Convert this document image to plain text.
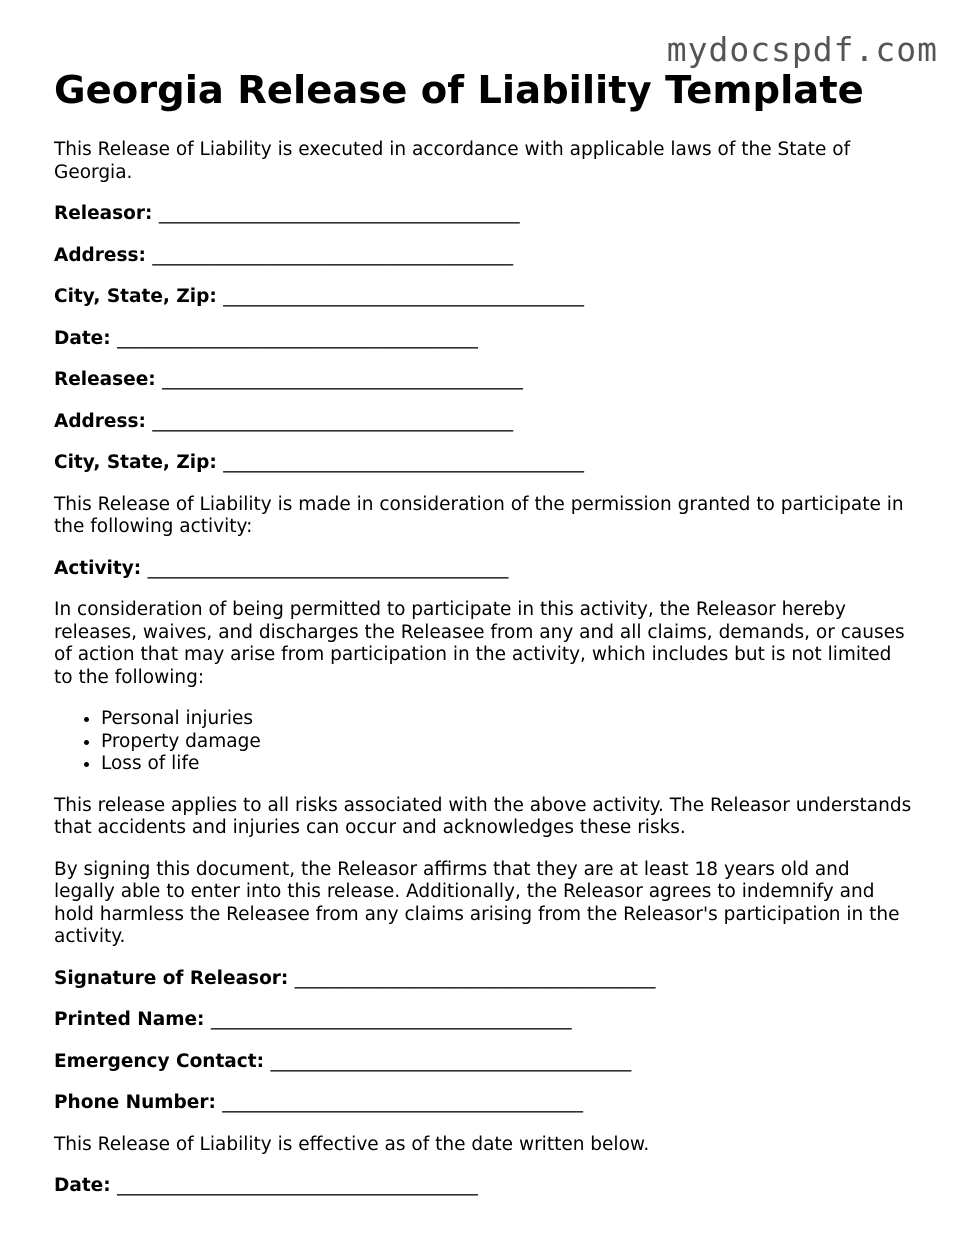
mydocspdf.com
Georgia Release of Liability Template

This Release of Liability is executed in accordance with applicable laws of the State of Georgia.

Releasor: _______________________________________
Address: _______________________________________
City, State, Zip: _______________________________________
Date: _______________________________________
Releasee: _______________________________________
Address: _______________________________________
City, State, Zip: _______________________________________

This Release of Liability is made in consideration of the permission granted to participate in the following activity:

Activity: _______________________________________

In consideration of being permitted to participate in this activity, the Releasor hereby releases, waives, and discharges the Releasee from any and all claims, demands, or causes of action that may arise from participation in the activity, which includes but is not limited to the following:

• Personal injuries
• Property damage
• Loss of life

This release applies to all risks associated with the above activity. The Releasor understands that accidents and injuries can occur and acknowledges these risks.

By signing this document, the Releasor affirms that they are at least 18 years old and legally able to enter into this release. Additionally, the Releasor agrees to indemnify and hold harmless the Releasee from any claims arising from the Releasor's participation in the activity.

Signature of Releasor: _______________________________________
Printed Name: _______________________________________
Emergency Contact: _______________________________________
Phone Number: _______________________________________

This Release of Liability is effective as of the date written below.

Date: _______________________________________
